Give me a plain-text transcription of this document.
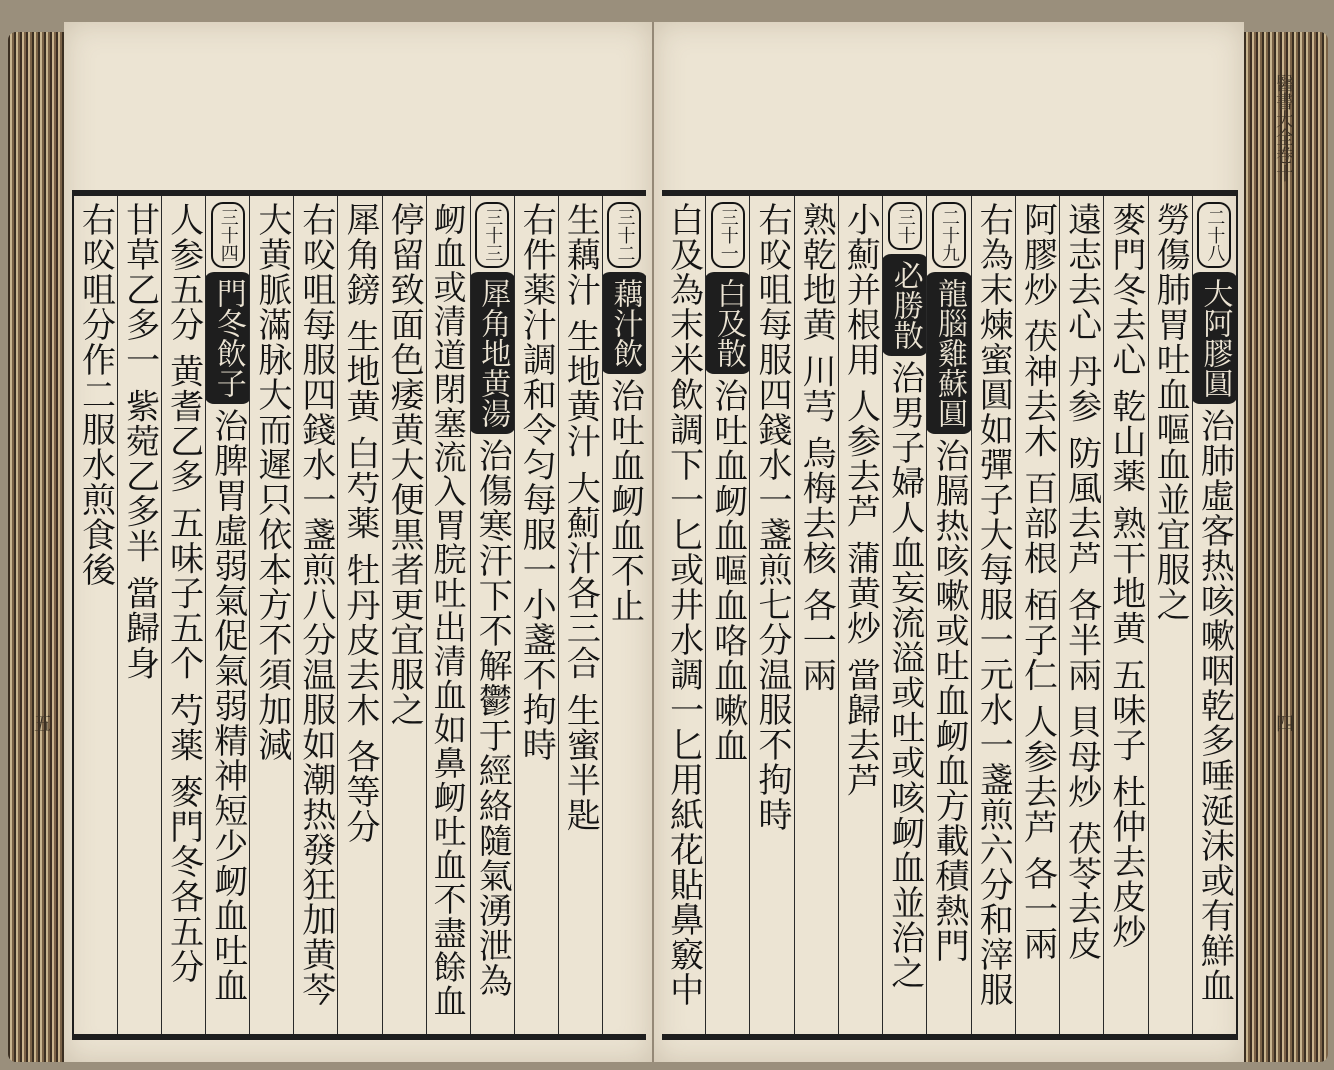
三十二
藕汁飲
治吐血衂血不止
生藕汁 生地黄汁 大薊汁各三合 生蜜半匙
右件薬汁調和令匀每服一小盞不拘時
三十三
犀角地黄湯
治傷寒汗下不解鬱于經絡隨氣湧泄為
衂血或清道閉塞流入胃脘吐出清血如鼻衂吐血不盡餘血
停留致面色痿黄大便黒者更宜服之
犀角鎊 生地黄 白芍薬 牡丹皮去木 各等分
右㕮咀每服四錢水一盞煎八分温服如潮热發狂加黄芩
大黄脈滿脉大而遲只依本方不須加減
三十四
門冬飲子
治脾胃虛弱氣促氣弱精神短少衂血吐血
人参五分 黄耆乙多 五味子五个 芍薬 麥門冬各五分
甘草乙多一 紫菀乙多半 當歸身
右㕮咀分作二服水煎食後	二十八
大阿膠圓
治肺虛客热咳嗽咽乾多唾涎沫或有鮮血
勞傷肺胃吐血嘔血並宜服之
麥門冬去心 乾山薬 熟干地黄 五味子 杜仲去皮炒
遠志去心 丹参 防風去芦 各半兩 貝母炒 茯苓去皮
阿膠炒 茯神去木 百部根 栢子仁 人参去芦 各一兩
右為末煉蜜圓如彈子大每服一元水一盞煎六分和滓服
二十九
龍腦雞蘇圓
治膈热咳嗽或吐血衂血方載積熱門
三十
必勝散
治男子婦人血妄流溢或吐或咳衂血並治之
小薊并根用 人参去芦 蒲黄炒 當歸去芦
熟乾地黄 川芎 烏梅去核 各一兩
右㕮咀每服四錢水一盞煎七分温服不拘時
三十一
白及散
治吐血衂血嘔血咯血嗽血
白及為末米飲調下一匕或井水調一匕用紙花貼鼻竅中
醫書大全卷十
四
五
